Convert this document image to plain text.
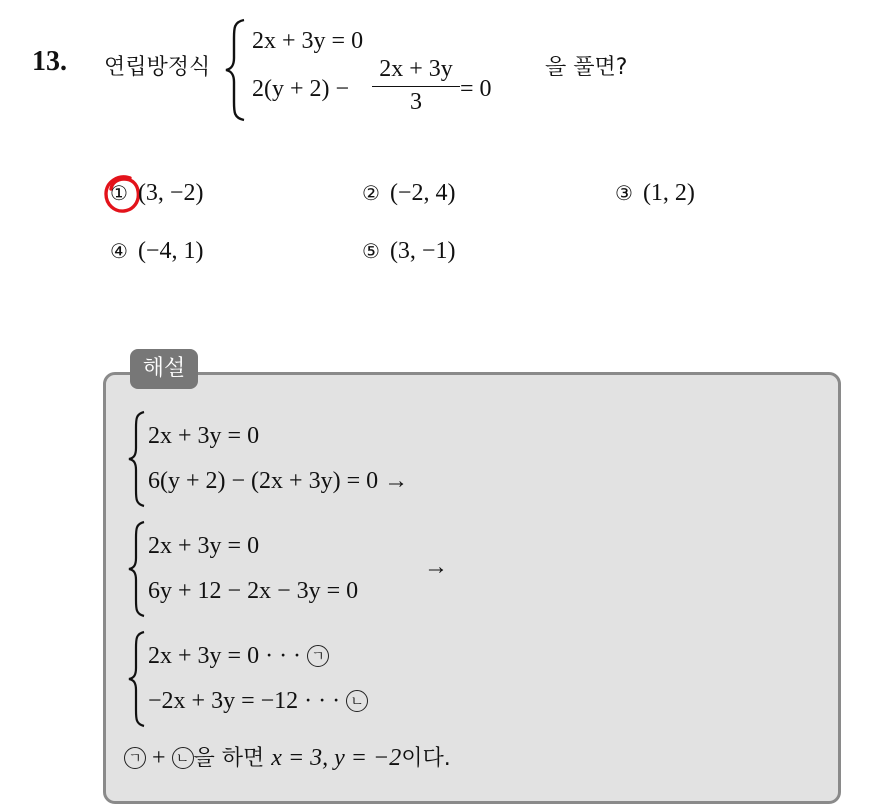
13. 연립방정식
2x + 3y = 0
2(y + 2) −
2x + 3y
3	= 0
을 풀면?
① (3, −2)	② (−2, 4)	③ (1, 2)
④ (−4, 1)	⑤ (3, −1)
해설
2x + 3y = 0
6(y + 2) − (2x + 3y) = 0 →
2x + 3y = 0
6y + 12 − 2x − 3y = 0
→
2x + 3y = 0 · · · ㄱ
−2x + 3y = −12 · · · ㄴ
ㄱ + ㄴ 을 하면 x = 3, y = −2이다.
